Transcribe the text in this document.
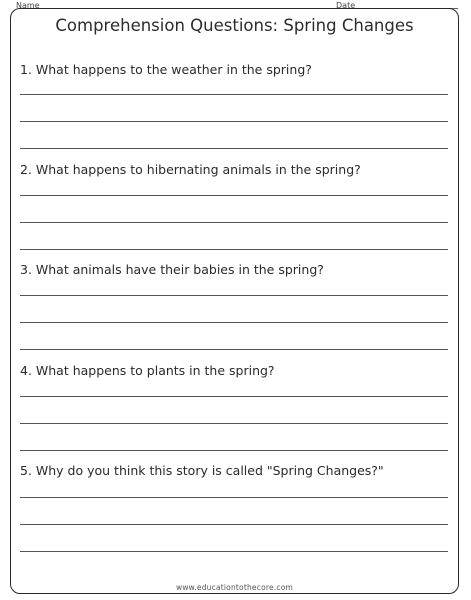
Name	Date
Comprehension Questions: Spring Changes
1. What happens to the weather in the spring?
2. What happens to hibernating animals in the spring?
3. What animals have their babies in the spring?
4. What happens to plants in the spring?
5. Why do you think this story is called "Spring Changes?"
www.educationtothecore.com
